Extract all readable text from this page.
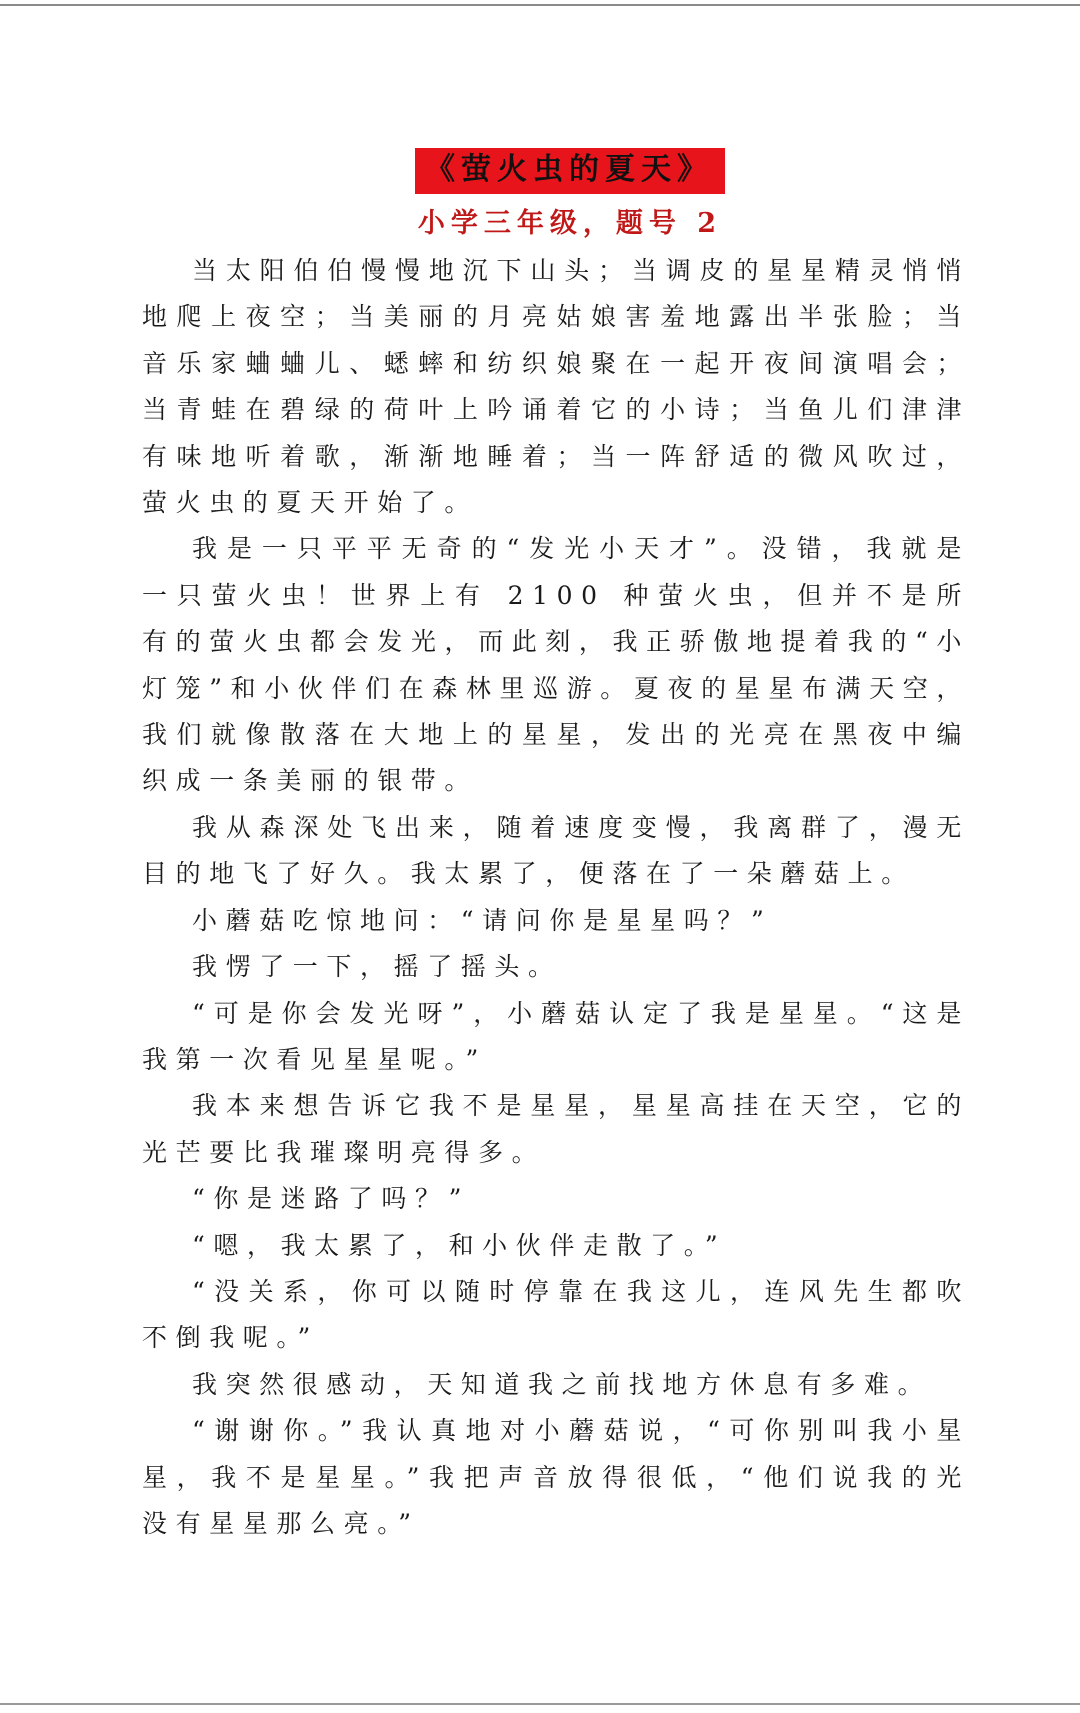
《萤火虫的夏天》
小学三年级，题号 2

当太阳伯伯慢慢地沉下山头；当调皮的星星精灵悄悄地爬上夜空；当美丽的月亮姑娘害羞地露出半张脸；当音乐家蛐蛐儿、蟋蟀和纺织娘聚在一起开夜间演唱会；当青蛙在碧绿的荷叶上吟诵着它的小诗；当鱼儿们津津有味地听着歌，渐渐地睡着；当一阵舒适的微风吹过，萤火虫的夏天开始了。

我是一只平平无奇的“发光小天才”。没错，我就是一只萤火虫！世界上有 2100 种萤火虫，但并不是所有的萤火虫都会发光，而此刻，我正骄傲地提着我的“小灯笼”和小伙伴们在森林里巡游。夏夜的星星布满天空，我们就像散落在大地上的星星，发出的光亮在黑夜中编织成一条美丽的银带。

我从森深处飞出来，随着速度变慢，我离群了，漫无目的地飞了好久。我太累了，便落在了一朵蘑菇上。

小蘑菇吃惊地问：“请问你是星星吗？”

我愣了一下，摇了摇头。

“可是你会发光呀”，小蘑菇认定了我是星星。“这是我第一次看见星星呢。”

我本来想告诉它我不是星星，星星高挂在天空，它的光芒要比我璀璨明亮得多。

“你是迷路了吗？”

“嗯，我太累了，和小伙伴走散了。”

“没关系，你可以随时停靠在我这儿，连风先生都吹不倒我呢。”

我突然很感动，天知道我之前找地方休息有多难。

“谢谢你。”我认真地对小蘑菇说，“可你别叫我小星星，我不是星星。”我把声音放得很低，“他们说我的光没有星星那么亮。”
